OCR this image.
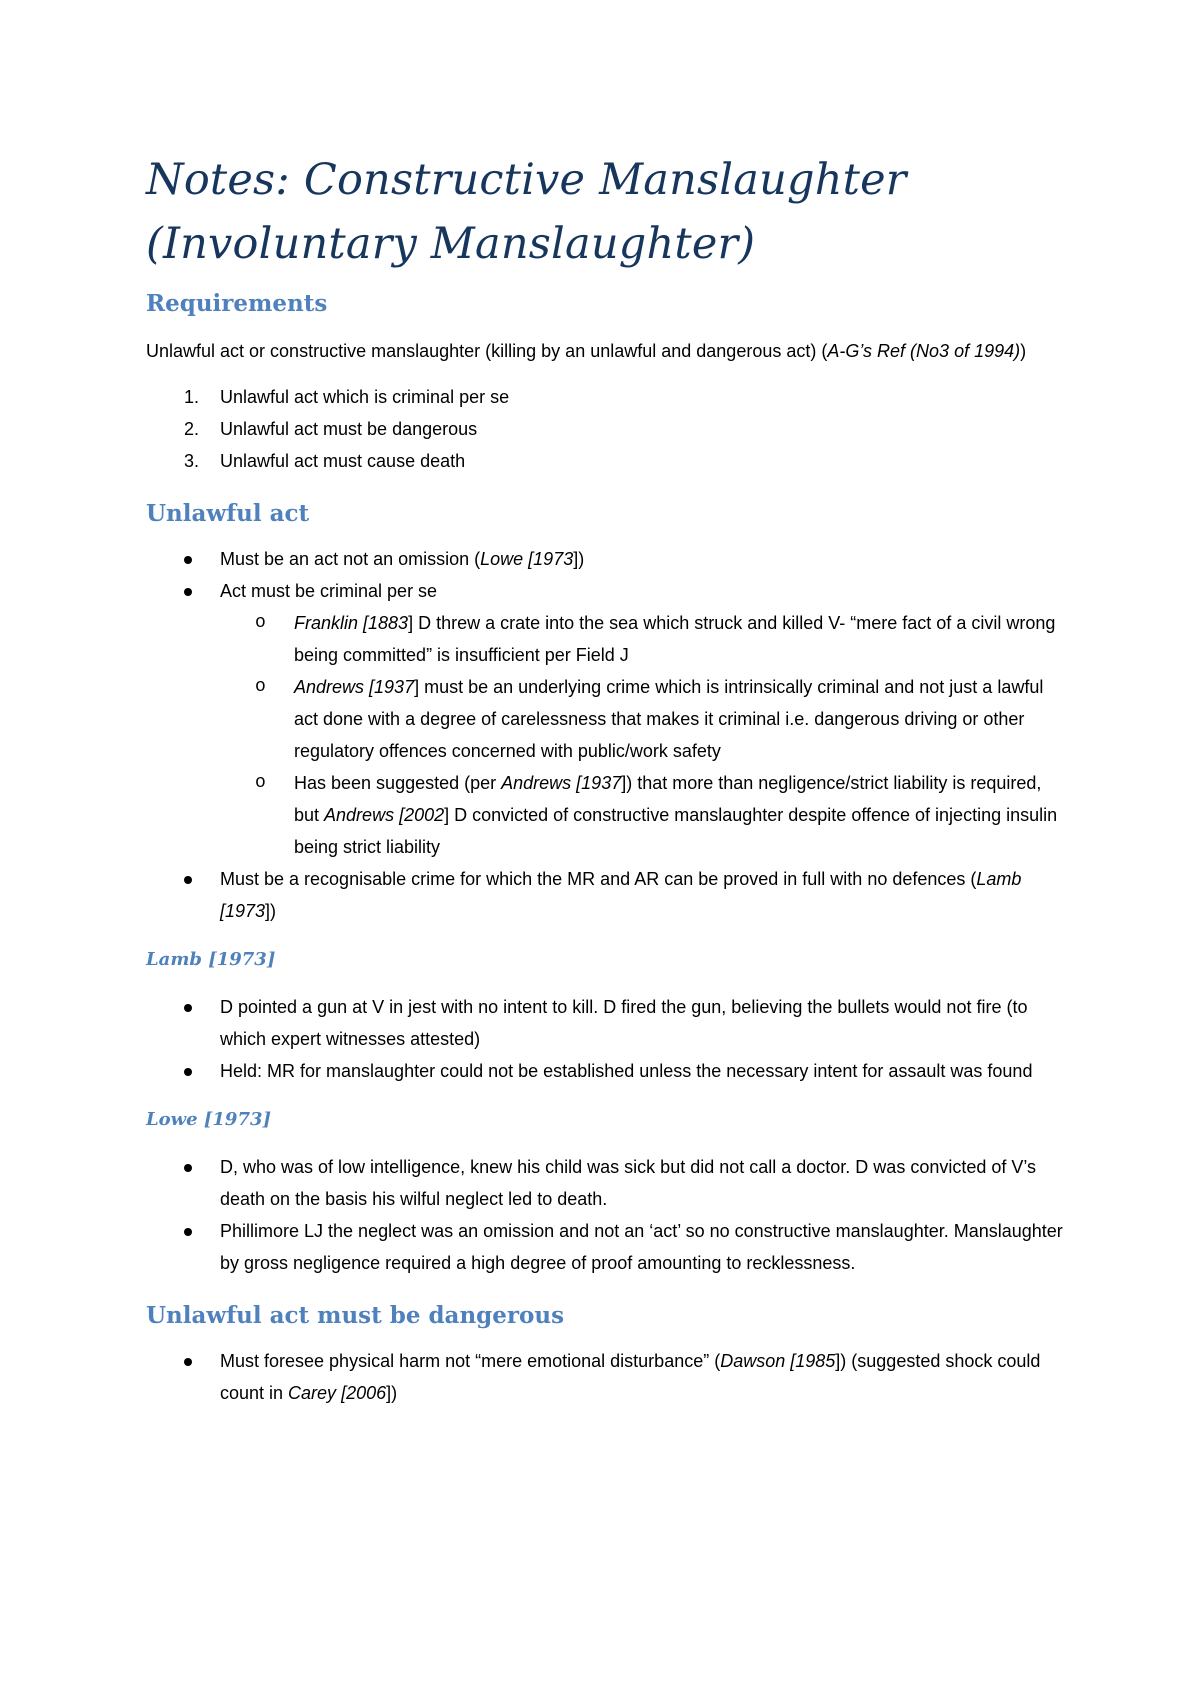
Notes: Constructive Manslaughter
(Involuntary Manslaughter)
Requirements

Unlawful act or constructive manslaughter (killing by an unlawful and dangerous act) (A-G’s Ref (No3 of 1994))

1. Unlawful act which is criminal per se
2. Unlawful act must be dangerous
3. Unlawful act must cause death
Unlawful act
Must be an act not an omission (Lowe [1973])
Act must be criminal per se
o Franklin [1883] D threw a crate into the sea which struck and killed V- “mere fact of a civil wrong being committed” is insufficient per Field J
o Andrews [1937] must be an underlying crime which is intrinsically criminal and not just a lawful act done with a degree of carelessness that makes it criminal i.e. dangerous driving or other regulatory offences concerned with public/work safety
o Has been suggested (per Andrews [1937]) that more than negligence/strict liability is required, but Andrews [2002] D convicted of constructive manslaughter despite offence of injecting insulin being strict liability
Must be a recognisable crime for which the MR and AR can be proved in full with no defences (Lamb [1973])
Lamb [1973]
D pointed a gun at V in jest with no intent to kill. D fired the gun, believing the bullets would not fire (to which expert witnesses attested)
Held: MR for manslaughter could not be established unless the necessary intent for assault was found
Lowe [1973]
D, who was of low intelligence, knew his child was sick but did not call a doctor. D was convicted of V’s death on the basis his wilful neglect led to death.
Phillimore LJ the neglect was an omission and not an ‘act’ so no constructive manslaughter. Manslaughter by gross negligence required a high degree of proof amounting to recklessness.
Unlawful act must be dangerous
Must foresee physical harm not “mere emotional disturbance” (Dawson [1985]) (suggested shock could count in Carey [2006])
